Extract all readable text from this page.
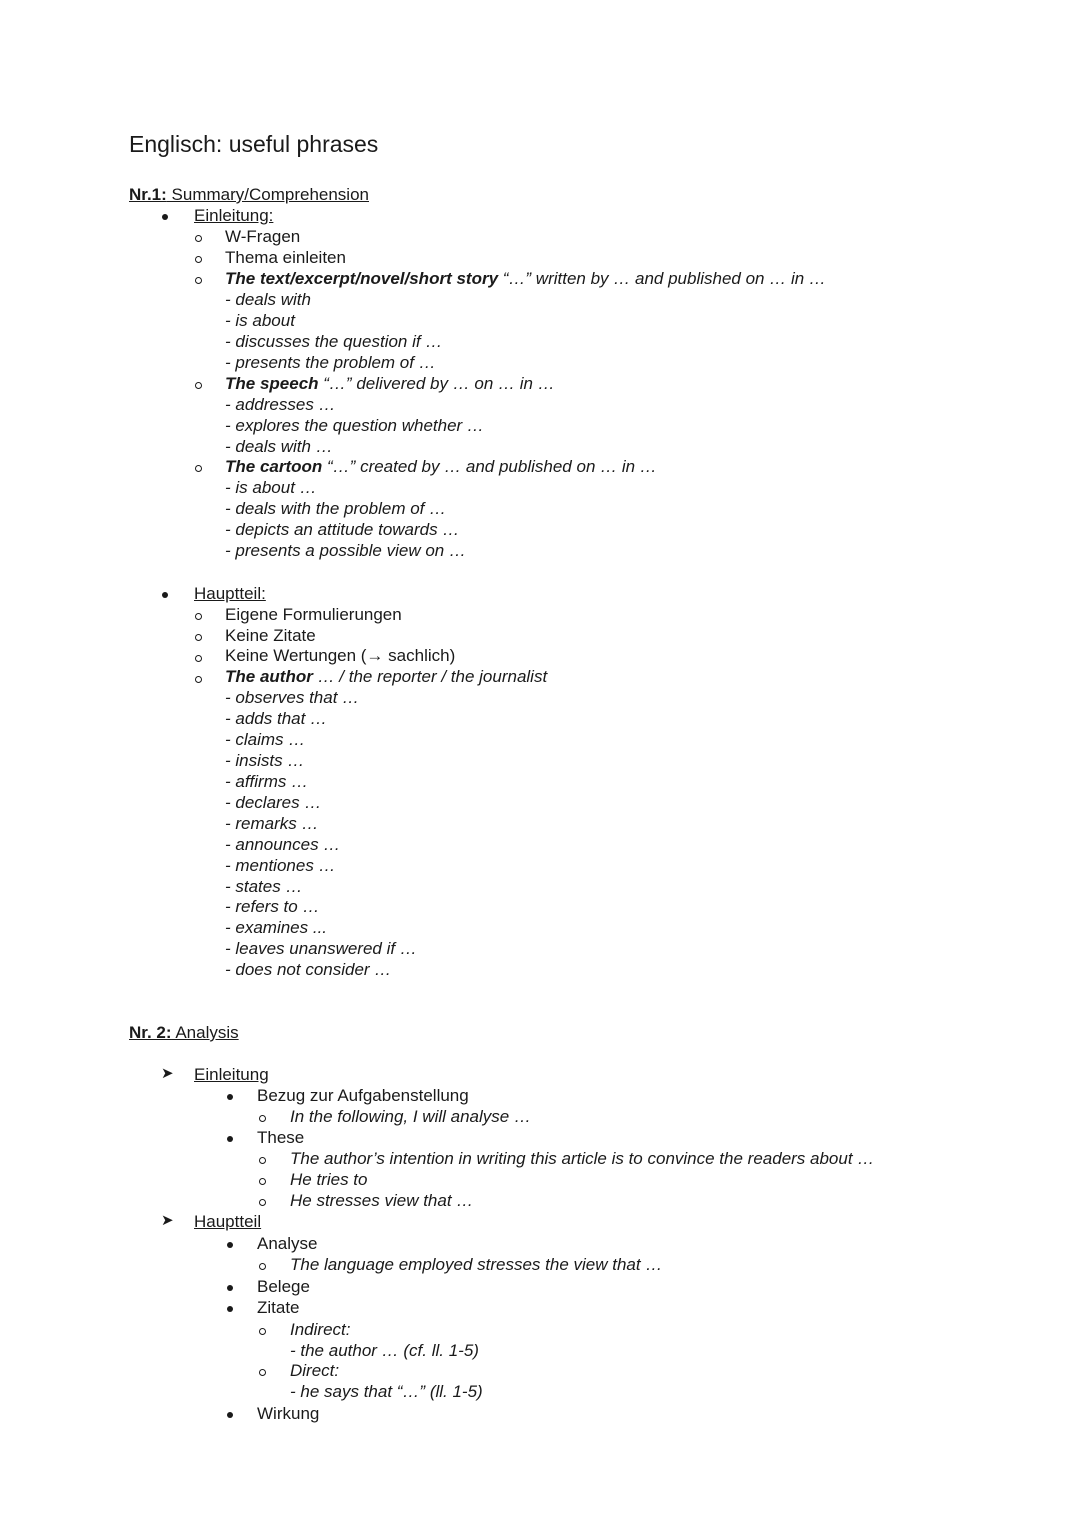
Englisch: useful phrases
Nr.1: Summary/Comprehension
Einleitung:
W-Fragen
Thema einleiten
The text/excerpt/novel/short story “…” written by … and published on … in …
- deals with
- is about
- discusses the question if …
- presents the problem of …
The speech “…” delivered by … on … in …
- addresses …
- explores the question whether …
- deals with …
The cartoon “…” created by … and published on … in …
- is about …
- deals with the problem of …
- depicts an attitude towards …
- presents a possible view on …
Hauptteil:
Eigene Formulierungen
Keine Zitate
Keine Wertungen (→ sachlich)
The author … / the reporter / the journalist
- observes that …
- adds that …
- claims …
- insists …
- affirms …
- declares …
- remarks …
- announces …
- mentiones …
- states …
- refers to …
- examines ...
- leaves unanswered if …
- does not consider …
Nr. 2: Analysis
➤ Einleitung
Bezug zur Aufgabenstellung
In the following, I will analyse …
These
The author’s intention in writing this article is to convince the readers about …
He tries to
He stresses view that …
➤ Hauptteil
Analyse
The language employed stresses the view that …
Belege
Zitate
Indirect:
- the author … (cf. ll. 1-5)
Direct:
- he says that “…” (ll. 1-5)
Wirkung
